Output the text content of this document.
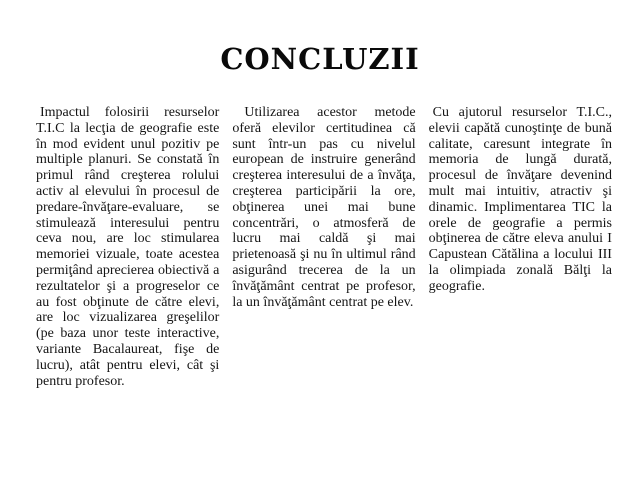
CONCLUZII

Impactul folosirii resurselor T.I.C la lecţia de geografie este în mod evident unul pozitiv pe multiple planuri. Se constată în primul rând creşterea rolului activ al elevului în procesul de predare-învăţare-evaluare, se stimulează interesului pentru ceva nou, are loc stimularea memoriei vizuale, toate acestea permiţând aprecierea obiectivă a rezultatelor şi a progreselor ce au fost obţinute de către elevi, are loc vizualizarea greşelilor (pe baza unor teste interactive, variante Bacalaureat, fişe de lucru), atât pentru elevi, cât şi pentru profesor.

Utilizarea acestor metode oferă elevilor certitudinea că sunt într-un pas cu nivelul european de instruire generând creşterea interesului de a învăţa, creşterea participării la ore, obţinerea unei mai bune concentrări, o atmosferă de lucru mai caldă şi mai prietenoasă şi nu în ultimul rând asigurând trecerea de la un învăţământ centrat pe profesor, la un învăţământ centrat pe elev.

Cu ajutorul resurselor T.I.C., elevii capătă cunoştinţe de bună calitate, caresunt integrate în memoria de lungă durată, procesul de învăţare devenind mult mai intuitiv, atractiv şi dinamic. Implimentarea TIC la orele de geografie a permis obţinerea de către eleva anului I Capustean Cătălina a locului III la olimpiada zonală Bălţi la geografie.
